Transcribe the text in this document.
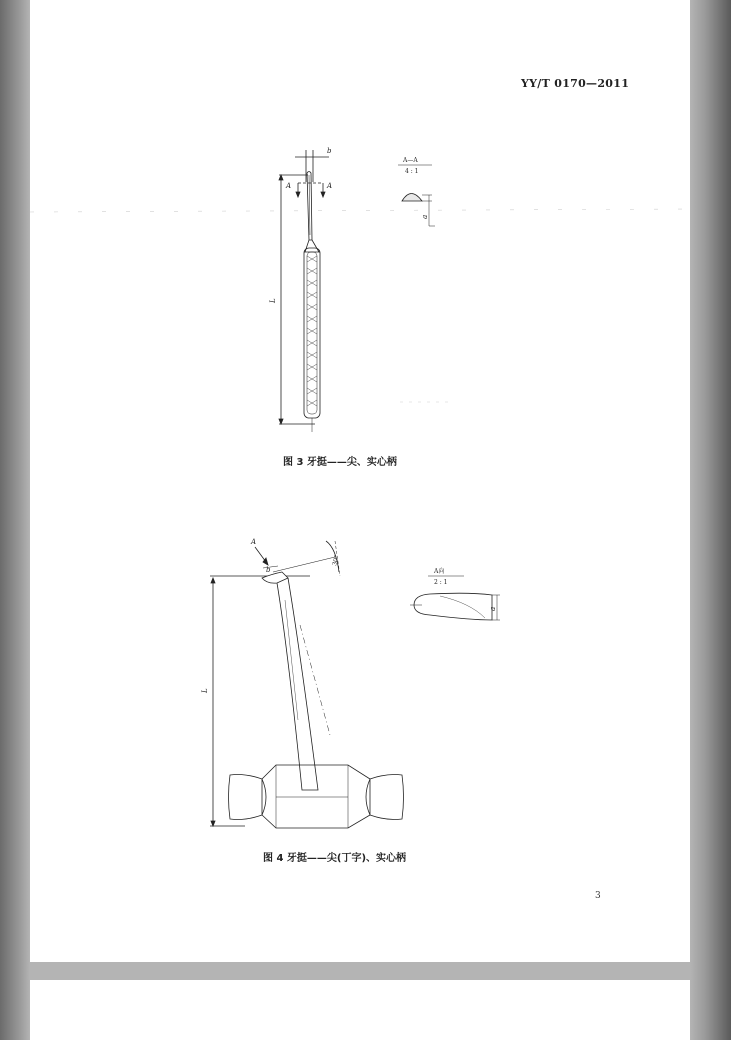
YY/T 0170—2011
b
A	A
L
A—A
4 : 1
a
A
b
30°
L
A向
2 : 1
a
图 3 牙挺——尖、实心柄
图 4 牙挺——尖(丁字)、实心柄
3
